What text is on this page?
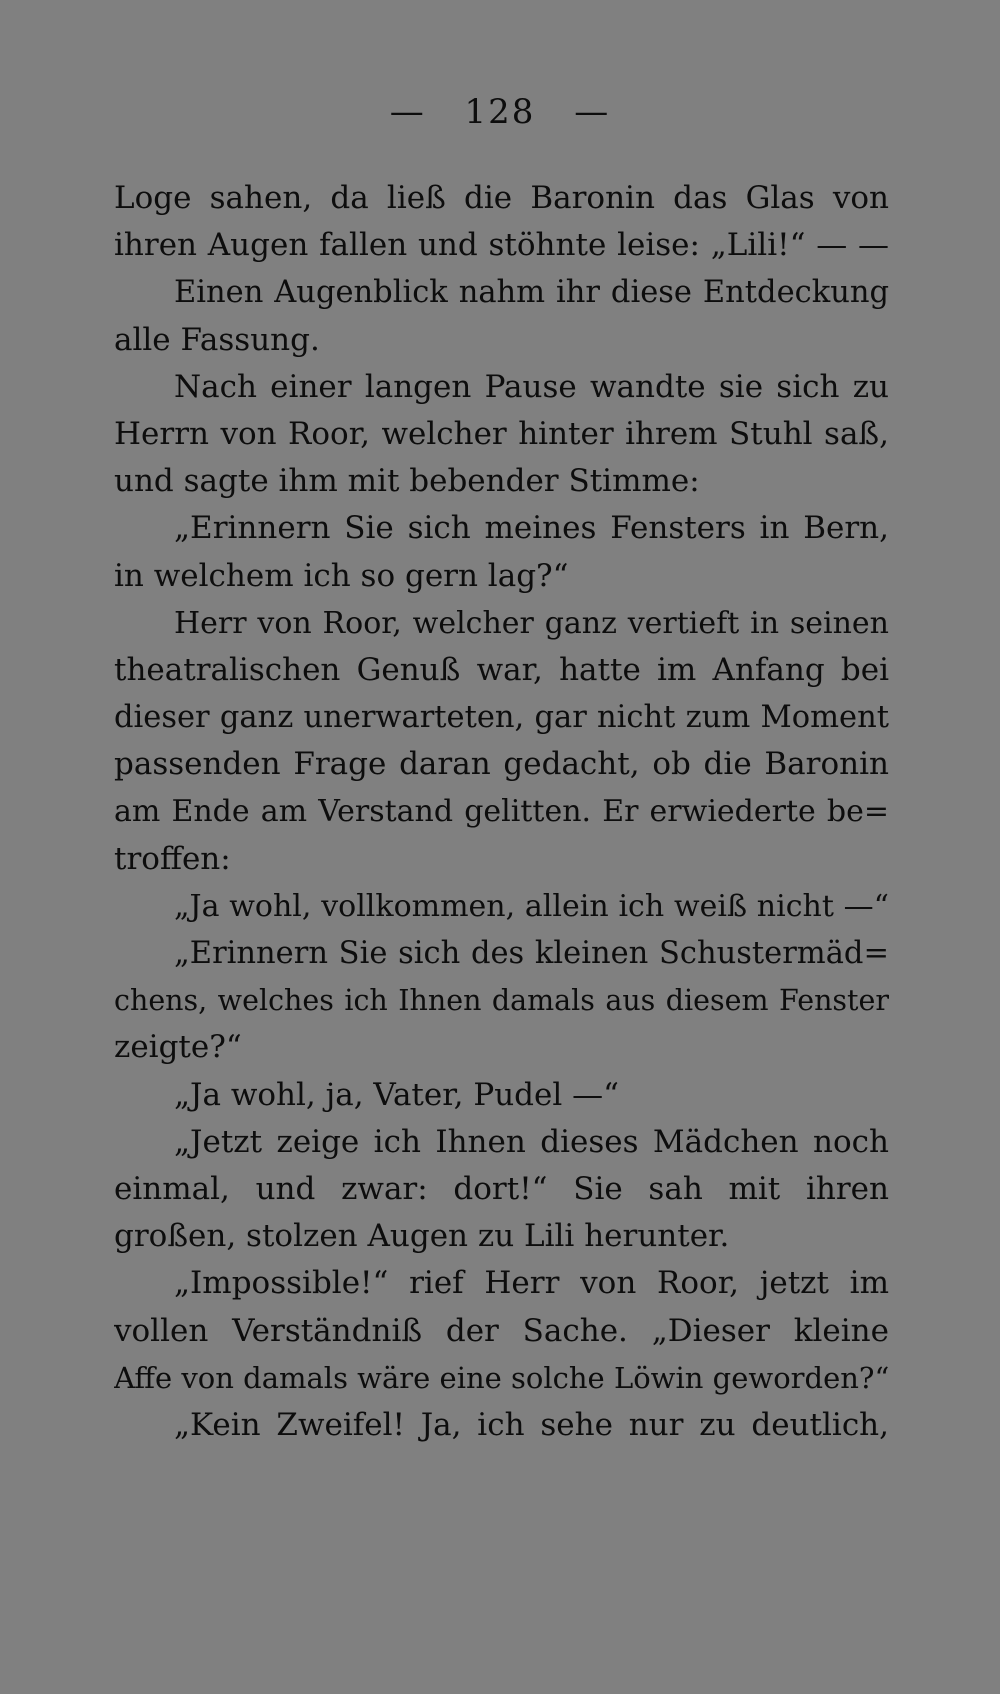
— 128 —
Loge sahen, da ließ die Baronin das Glas von
ihren Augen fallen und stöhnte leise: „Lili!“ — —
Einen Augenblick nahm ihr diese Entdeckung
alle Fassung.
Nach einer langen Pause wandte sie sich zu
Herrn von Roor, welcher hinter ihrem Stuhl saß,
und sagte ihm mit bebender Stimme:
„Erinnern Sie sich meines Fensters in Bern,
in welchem ich so gern lag?“
Herr von Roor, welcher ganz vertieft in seinen
theatralischen Genuß war, hatte im Anfang bei
dieser ganz unerwarteten, gar nicht zum Moment
passenden Frage daran gedacht, ob die Baronin
am Ende am Verstand gelitten. Er erwiederte be=
troffen:
„Ja wohl, vollkommen, allein ich weiß nicht —“
„Erinnern Sie sich des kleinen Schustermäd=
chens, welches ich Ihnen damals aus diesem Fenster
zeigte?“
„Ja wohl, ja, Vater, Pudel —“
„Jetzt zeige ich Ihnen dieses Mädchen noch
einmal, und zwar: dort!“ Sie sah mit ihren
großen, stolzen Augen zu Lili herunter.
„Impossible!“ rief Herr von Roor, jetzt im
vollen Verständniß der Sache. „Dieser kleine
Affe von damals wäre eine solche Löwin geworden?“
„Kein Zweifel! Ja, ich sehe nur zu deutlich,
